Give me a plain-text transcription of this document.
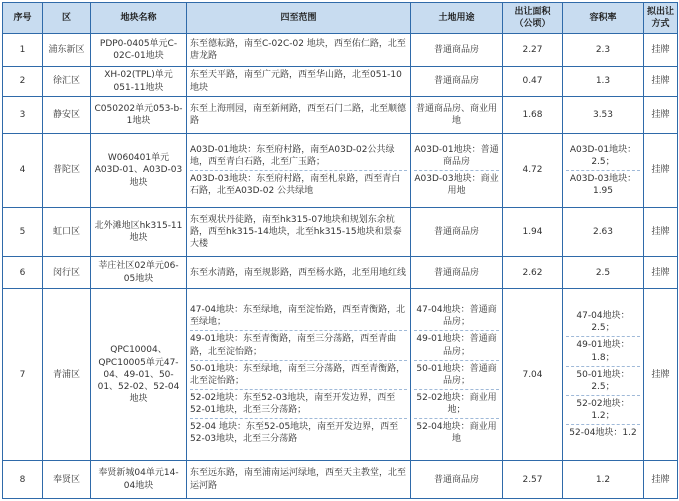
序号	区	地块名称	四至范围	土地用途	出让面积（公顷）	容积率	拟出让方式
1	浦东新区	PDP0-0405单元C-02C-01地块	东至德耘路，南至C-02C-02 地块，西至佑仁路，北至唐龙路	普通商品房	2.27	2.3	挂牌
2	徐汇区	XH-02(TPL)单元051-11地块	东至天平路，南至广元路，西至华山路，北至051-10地块	普通商品房	0.47	1.3	挂牌
3	静安区	C050202单元053-b-1地块	东至上海刑园，南至新闸路，西至石门二路，北至顺德路	普通商品房、商业用地	1.68	3.53	挂牌
4	普陀区	W060401单元A03D-01、A03D-03地块	A03D-01地块：东至府村路，南至A03D-02公共绿地，西至青白石路，北至广玉路；
A03D-03地块：东至府村路，南至札泉路，西至青白石路，北至A03D-02 公共绿地	A03D-01地块：普通商品房
A03D-03地块：商业用地	4.72	A03D-01地块：2.5；
A03D-03地块：1.95	挂牌
5	虹口区	北外滩地区hk315-11地块	东至观状丹徒路，南至hk315-07地块和规划东余杭路，西至hk315-14地块，北至hk315-15地块和景泰大楼	普通商品房	1.94	2.63	挂牌
6	闵行区	莘庄社区02单元06-05地块	东至水清路，南至规影路，西至杨水路，北至用地红线	普通商品房	2.62	2.5	挂牌
7	青浦区	QPC10004、QPC10005单元47-04、49-01、50-01、52-02、52-04地块	47-04地块：东至绿地，南至淀怡路，西至青衡路，北至绿地；
49-01地块：东至青衡路，南至三分荡路，西至青曲路，北至淀怡路；
50-01地块：东至绿地，南至三分荡路，西至青衡路，北至淀怡路；
52-02地块：东至52-03地块，南至开发边界，西至52-01地块，北至三分荡路；
52-04 地块：东至52-05地块，南至开发边界，西至52-03地块，北至三分荡路	47-04地块：普通商品房；
49-01地块：普通商品房；
50-01地块：普通商品房；
52-02地块：商业用地；
52-04地块：商业用地	7.04	47-04地块：2.5；
49-01地块：1.8；
50-01地块：2.5；
52-02地块：1.2；
52-04地块：1.2	挂牌
8	奉贤区	奉贤新城04单元14-04地块	东至远东路，南至浦南运河绿地，西至天主教堂，北至运河路	普通商品房	2.57	1.2	挂牌
